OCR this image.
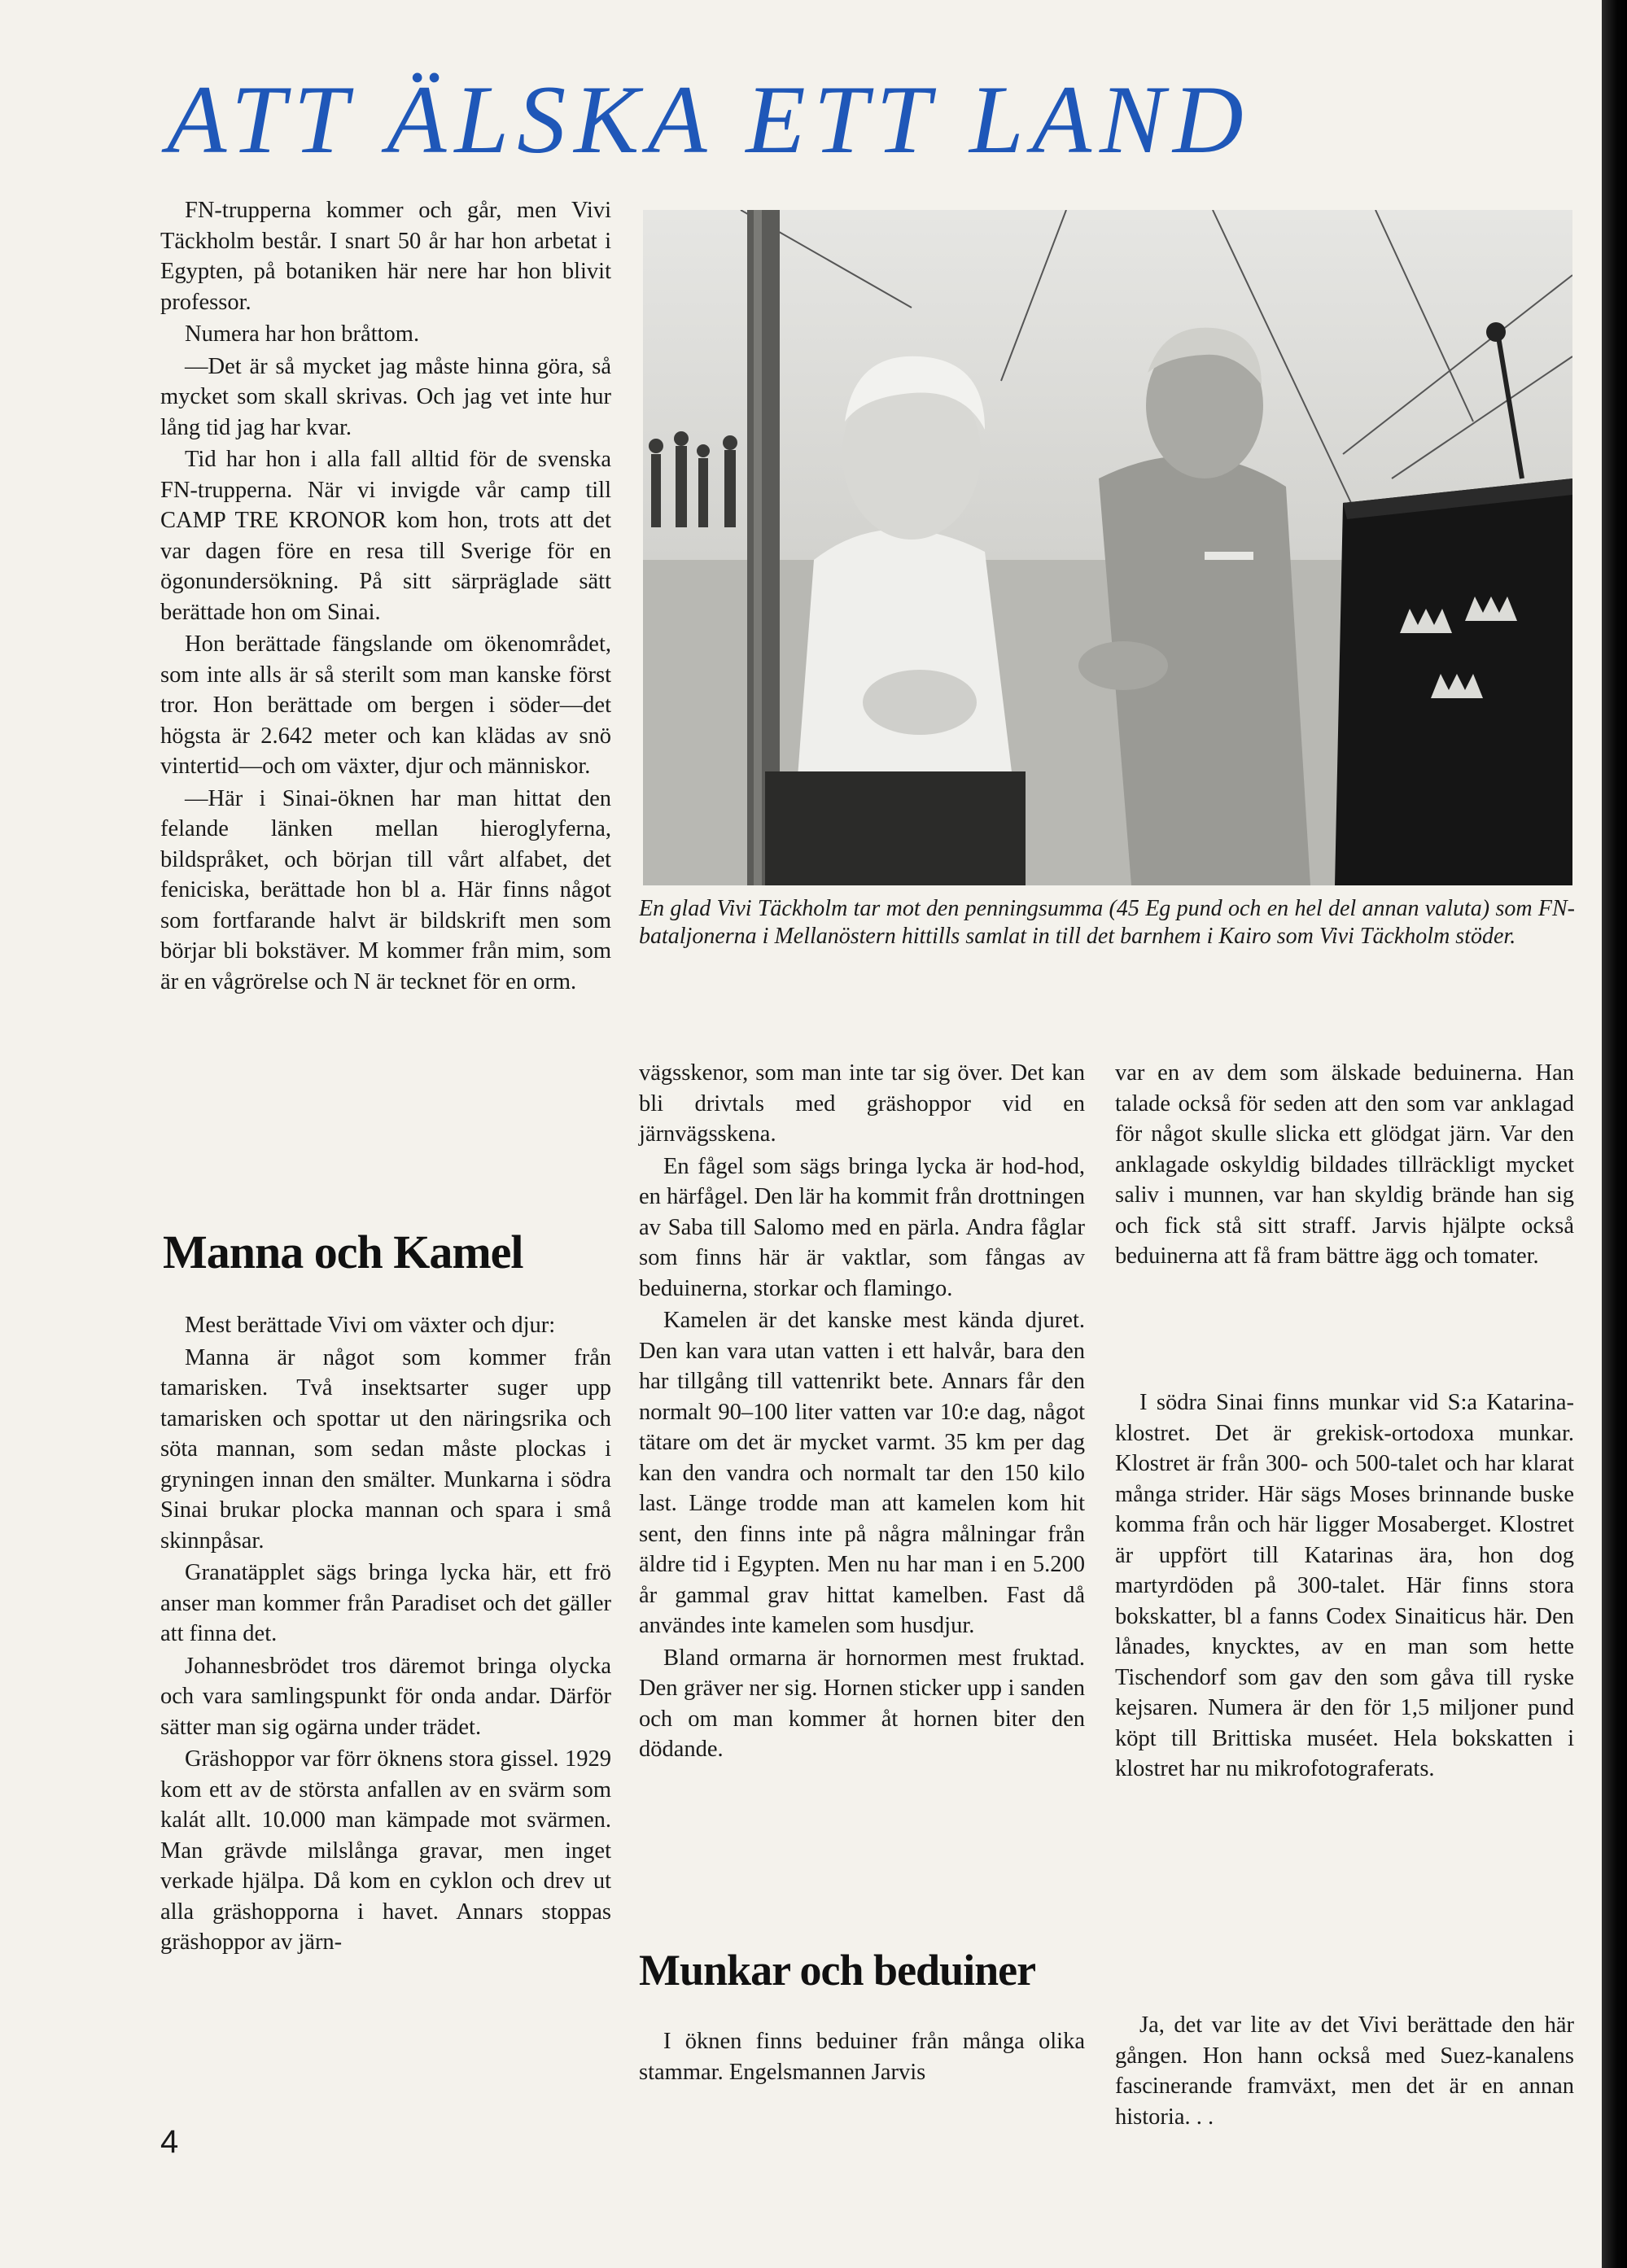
ATT ÄLSKA ETT LAND

FN-trupperna kommer och går, men Vivi Täckholm består. I snart 50 år har hon arbetat i Egypten, på botaniken här nere har hon blivit professor.

Numera har hon bråttom.

—Det är så mycket jag måste hinna göra, så mycket som skall skrivas. Och jag vet inte hur lång tid jag har kvar.

Tid har hon i alla fall alltid för de svenska FN-trupperna. När vi invigde vår camp till CAMP TRE KRONOR kom hon, trots att det var dagen före en resa till Sverige för en ögonundersökning. På sitt särpräglade sätt berättade hon om Sinai.

Hon berättade fängslande om ökenområdet, som inte alls är så sterilt som man kanske först tror. Hon berättade om bergen i söder—det högsta är 2.642 meter och kan klädas av snö vintertid—och om växter, djur och människor.

—Här i Sinai-öknen har man hittat den felande länken mellan hieroglyferna, bildspråket, och början till vårt alfabet, det feniciska, berättade hon bl a. Här finns något som fortfarande halvt är bildskrift men som börjar bli bokstäver. M kommer från mim, som är en vågrörelse och N är tecknet för en orm.

En glad Vivi Täckholm tar mot den penningsumma (45 Eg pund och en hel del annan valuta) som FN-bataljonerna i Mellanöstern hittills samlat in till det barnhem i Kairo som Vivi Täckholm stöder.

Manna och Kamel

Mest berättade Vivi om växter och djur:

Manna är något som kommer från tamarisken. Två insektsarter suger upp tamarisken och spottar ut den näringsrika och söta mannan, som sedan måste plockas i gryningen innan den smälter. Munkarna i södra Sinai brukar plocka mannan och spara i små skinnpåsar.

Granatäpplet sägs bringa lycka här, ett frö anser man kommer från Paradiset och det gäller att finna det.

Johannesbrödet tros däremot bringa olycka och vara samlingspunkt för onda andar. Därför sätter man sig ogärna under trädet.

Gräshoppor var förr öknens stora gissel. 1929 kom ett av de största anfallen av en svärm som kalát allt. 10.000 man kämpade mot svärmen. Man grävde milslånga gravar, men inget verkade hjälpa. Då kom en cyklon och drev ut alla gräshopporna i havet. Annars stoppas gräshoppor av järn-

vägsskenor, som man inte tar sig över. Det kan bli drivtals med gräshoppor vid en järnvägsskena.

En fågel som sägs bringa lycka är hod-hod, en härfågel. Den lär ha kommit från drottningen av Saba till Salomo med en pärla. Andra fåglar som finns här är vaktlar, som fångas av beduinerna, storkar och flamingo.

Kamelen är det kanske mest kända djuret. Den kan vara utan vatten i ett halvår, bara den har tillgång till vattenrikt bete. Annars får den normalt 90–100 liter vatten var 10:e dag, något tätare om det är mycket varmt. 35 km per dag kan den vandra och normalt tar den 150 kilo last. Länge trodde man att kamelen kom hit sent, den finns inte på några målningar från äldre tid i Egypten. Men nu har man i en 5.200 år gammal grav hittat kamelben. Fast då användes inte kamelen som husdjur.

Bland ormarna är hornormen mest fruktad. Den gräver ner sig. Hornen sticker upp i sanden och om man kommer åt hornen biter den dödande.

Munkar och beduiner

I öknen finns beduiner från många olika stammar. Engelsmannen Jarvis

var en av dem som älskade beduinerna. Han talade också för seden att den som var anklagad för något skulle slicka ett glödgat järn. Var den anklagade oskyldig bildades tillräckligt mycket saliv i munnen, var han skyldig brände han sig och fick stå sitt straff. Jarvis hjälpte också beduinerna att få fram bättre ägg och tomater.

I södra Sinai finns munkar vid S:a Katarina-klostret. Det är grekisk-ortodoxa munkar. Klostret är från 300- och 500-talet och har klarat många strider. Här sägs Moses brinnande buske komma från och här ligger Mosaberget. Klostret är uppfört till Katarinas ära, hon dog martyrdöden på 300-talet. Här finns stora bokskatter, bl a fanns Codex Sinaiticus här. Den lånades, knycktes, av en man som hette Tischendorf som gav den som gåva till ryske kejsaren. Numera är den för 1,5 miljoner pund köpt till Brittiska muséet. Hela bokskatten i klostret har nu mikrofotograferats.

Ja, det var lite av det Vivi berättade den här gången. Hon hann också med Suez-kanalens fascinerande framväxt, men det är en annan historia. . .

4
